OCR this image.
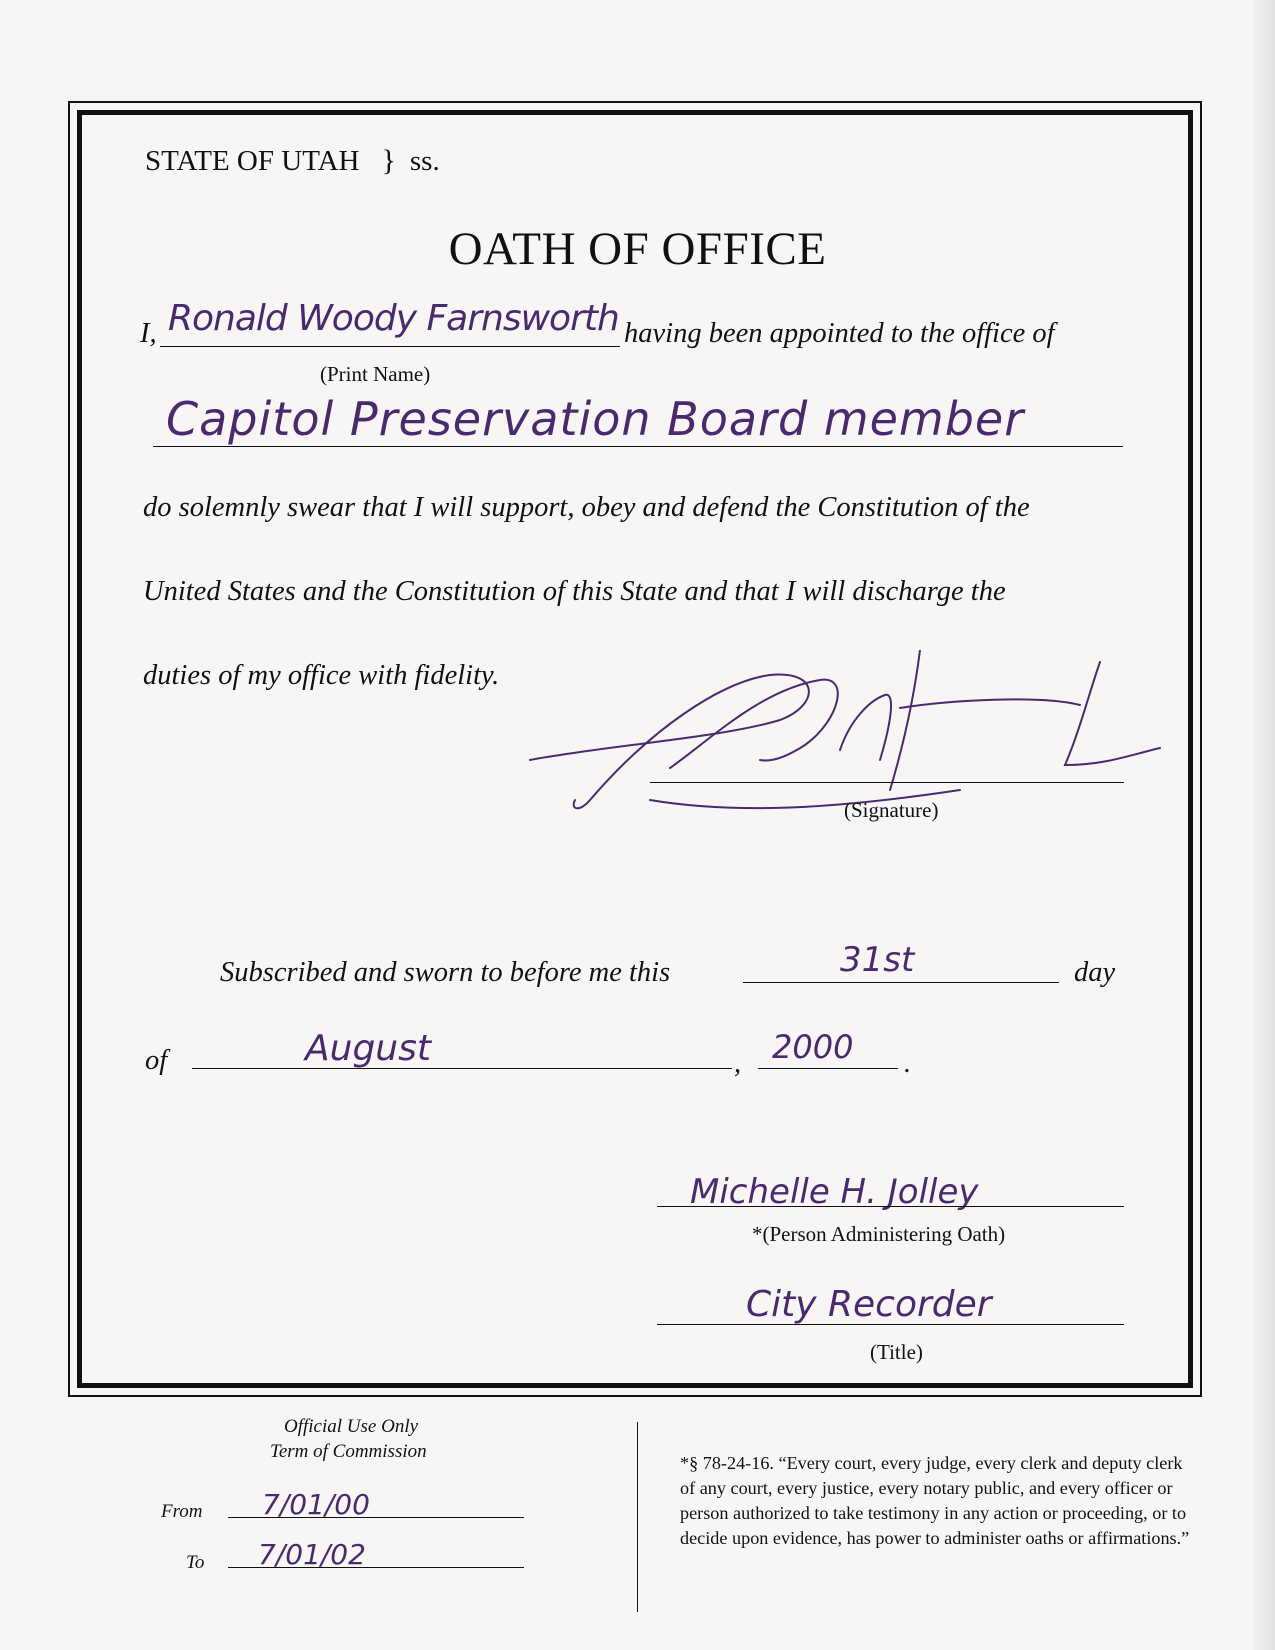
STATE OF UTAH } ss.
OATH OF OFFICE
I, Ronald Woody Farnsworth
(Print Name)
having been appointed to the office of
Capitol Preservation Board member
do solemnly swear that I will support, obey and defend the Constitution of the
United States and the Constitution of this State and that I will discharge the
duties of my office with fidelity.
(Signature)
Subscribed and sworn to before me this	31st	day
of	August	, 2000 .
Michelle H. Jolley
*(Person Administering Oath)
City Recorder
(Title)
Official Use Only
Term of Commission
From 7/01/00
To 7/01/02
*§ 78-24-16. “Every court, every judge, every clerk and deputy clerk of any court, every justice, every notary public, and every officer or person authorized to take testimony in any action or proceeding, or to decide upon evidence, has power to administer oaths or affirmations.”
